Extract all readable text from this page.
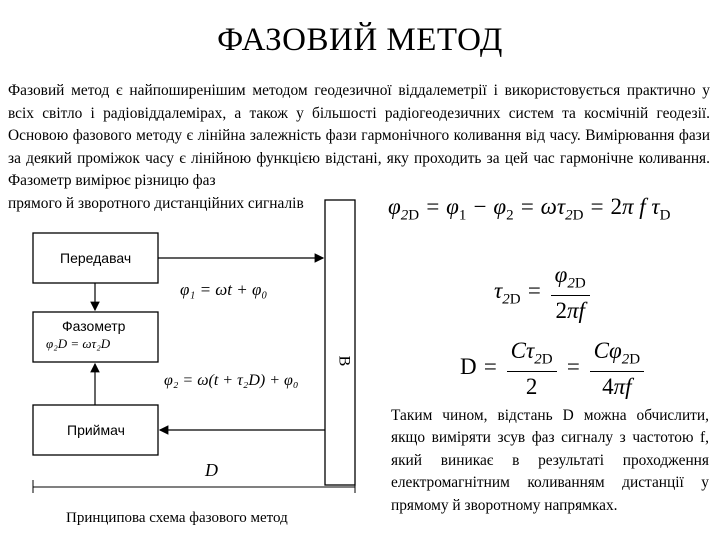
ФАЗОВИЙ МЕТОД
Фазовий метод є найпоширенішим методом геодезичної віддалеметрії і використовується практично у всіх світло і радіовіддалемірах, а також у більшості радіогеодезичних систем та космічній геодезії. Основою фазового методу є лінійна залежність фази гармонічного коливання від часу. Вимірювання фази за деякий проміжок часу є лінійною функцією відстані, яку проходить за цей час гармонічне коливання. Фазометр вимірює різницю фаз
прямого й зворотного дистанційних сигналів	$\varphi_{2D} = \varphi_1 - \varphi_2 = \omega\tau_{2D} = 2\pi$ f $\tau_D$
$\tau_{2D} = \frac{\varphi_{2D}}{2\pi f}$
$D = \frac{C\tau_{2D}}{2} = \frac{C\varphi_{2D}}{4\pi f}$
Передавач
Фазометр
φ₂D = ωτ₂D
Приймач
В
D
φ₁ = ωt + φ₀
φ₂ = ω(t + τ₂D) + φ₀
Принципова схема фазового метод
Таким чином, відстань D можна обчислити, якщо виміряти зсув фаз сигналу з частотою f, який виникає в результаті проходження електромагнітним коливанням дистанції у прямому й зворотному напрямках.
